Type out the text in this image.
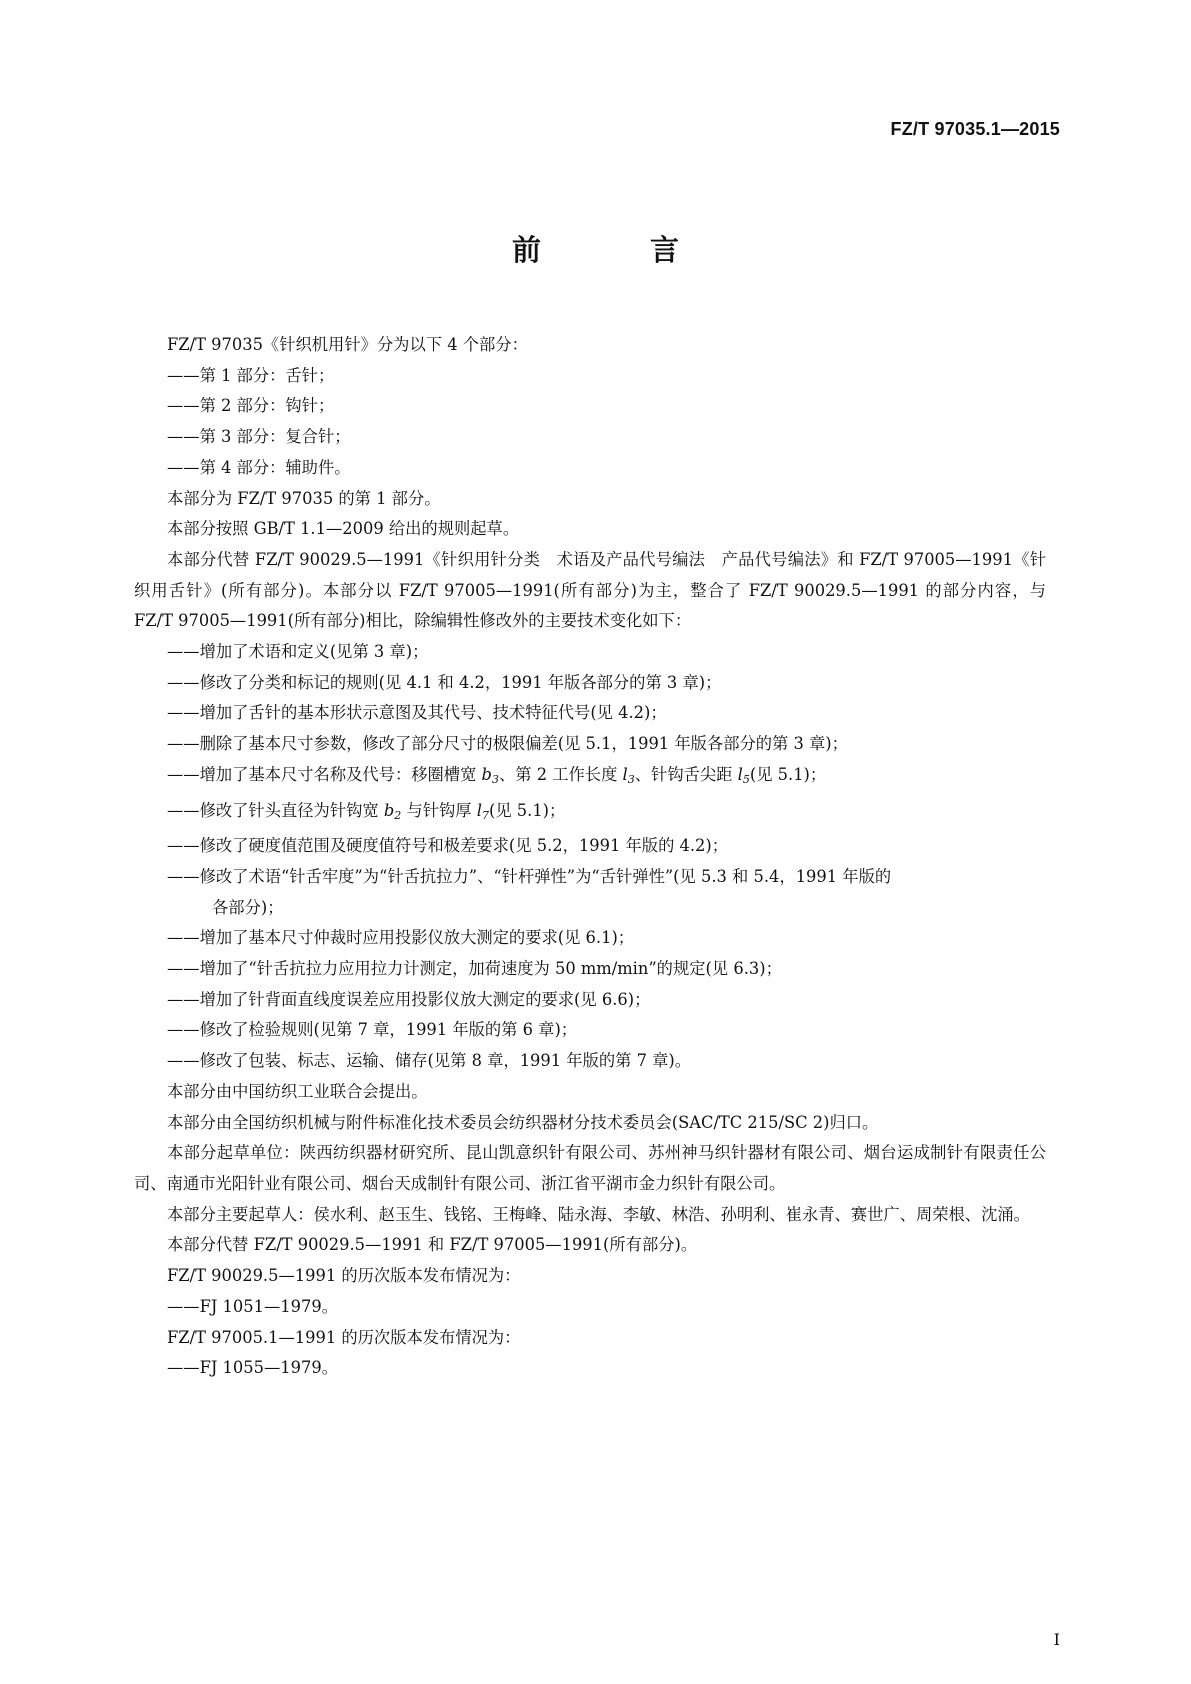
FZ/T 97035.1—2015
前　言

FZ/T 97035《针织机用针》分为以下 4 个部分：

——第 1 部分：舌针；

——第 2 部分：钩针；

——第 3 部分：复合针；

——第 4 部分：辅助件。

本部分为 FZ/T 97035 的第 1 部分。

本部分按照 GB/T 1.1—2009 给出的规则起草。

本部分代替 FZ/T 90029.5—1991《针织用针分类　术语及产品代号编法　产品代号编法》和 FZ/T 97005—1991《针织用舌针》(所有部分)。本部分以 FZ/T 97005—1991(所有部分)为主，整合了 FZ/T 90029.5—1991 的部分内容，与 FZ/T 97005—1991(所有部分)相比，除编辑性修改外的主要技术变化如下：

——增加了术语和定义(见第 3 章)；

——修改了分类和标记的规则(见 4.1 和 4.2，1991 年版各部分的第 3 章)；

——增加了舌针的基本形状示意图及其代号、技术特征代号(见 4.2)；

——删除了基本尺寸参数，修改了部分尺寸的极限偏差(见 5.1，1991 年版各部分的第 3 章)；

——增加了基本尺寸名称及代号：移圈槽宽 $b_3$、第 2 工作长度 $l_3$、针钩舌尖距 $l_5$(见 5.1)；

——修改了针头直径为针钩宽 $b_2$ 与针钩厚 $l_7$(见 5.1)；

——修改了硬度值范围及硬度值符号和极差要求(见 5.2，1991 年版的 4.2)；

——修改了术语“针舌牢度”为“针舌抗拉力”、“针杆弹性”为“舌针弹性”(见 5.3 和 5.4，1991 年版的
各部分)；

——增加了基本尺寸仲裁时应用投影仪放大测定的要求(见 6.1)；

——增加了“针舌抗拉力应用拉力计测定，加荷速度为 50 mm/min”的规定(见 6.3)；

——增加了针背面直线度误差应用投影仪放大测定的要求(见 6.6)；

——修改了检验规则(见第 7 章，1991 年版的第 6 章)；

——修改了包装、标志、运输、储存(见第 8 章，1991 年版的第 7 章)。

本部分由中国纺织工业联合会提出。

本部分由全国纺织机械与附件标准化技术委员会纺织器材分技术委员会(SAC/TC 215/SC 2)归口。

本部分起草单位：陕西纺织器材研究所、昆山凯意织针有限公司、苏州神马织针器材有限公司、烟台运成制针有限责任公司、南通市光阳针业有限公司、烟台天成制针有限公司、浙江省平湖市金力织针有限公司。

本部分主要起草人：侯水利、赵玉生、钱铭、王梅峰、陆永海、李敏、林浩、孙明利、崔永青、赛世广、周荣根、沈涌。

本部分代替 FZ/T 90029.5—1991 和 FZ/T 97005—1991(所有部分)。

FZ/T 90029.5—1991 的历次版本发布情况为：

——FJ 1051—1979。

FZ/T 97005.1—1991 的历次版本发布情况为：

——FJ 1055—1979。

I
